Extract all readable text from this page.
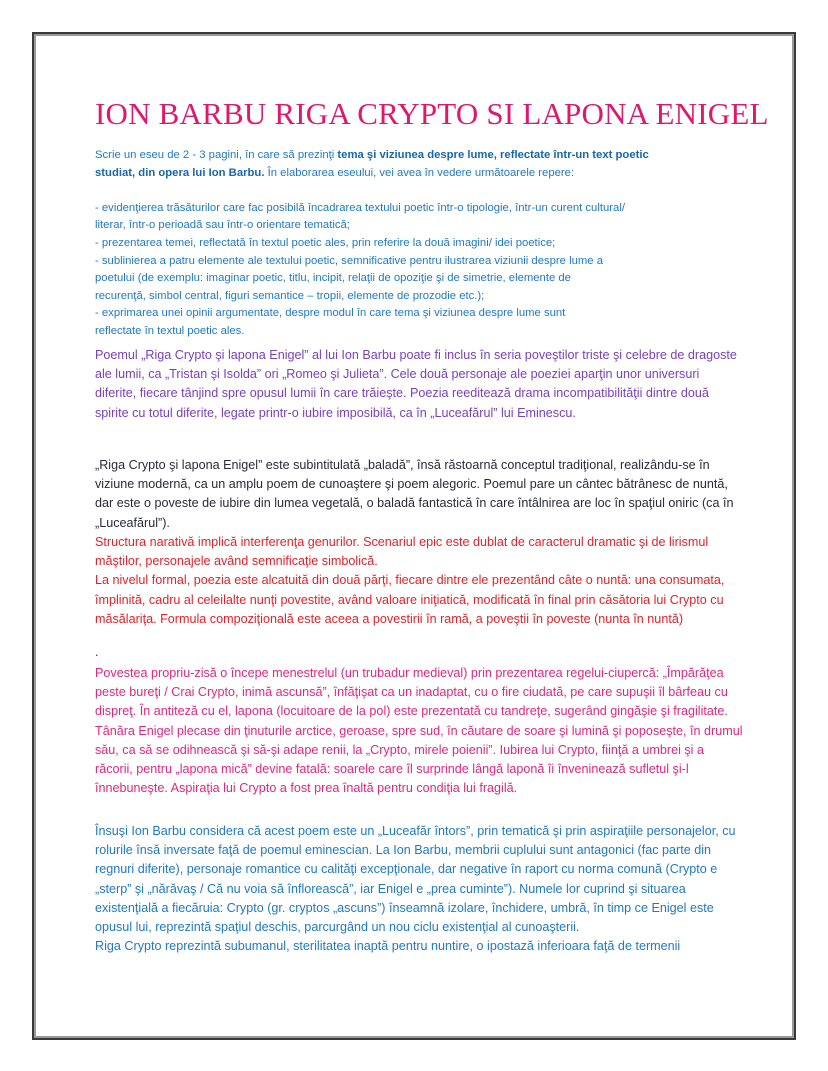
ION BARBU RIGA CRYPTO SI LAPONA ENIGEL
Scrie un eseu de 2 - 3 pagini, în care să prezinţi tema şi viziunea despre lume, reflectate într-un text poetic
studiat, din opera lui Ion Barbu. În elaborarea eseului, vei avea în vedere următoarele repere:
- evidenţierea trăsăturilor care fac posibilă încadrarea textului poetic într-o tipologie, într-un curent cultural/
literar, într-o perioadă sau într-o orientare tematică;
- prezentarea temei, reflectată în textul poetic ales, prin referire la două imagini/ idei poetice;
- sublinierea a patru elemente ale textului poetic, semnificative pentru ilustrarea viziunii despre lume a
poetului (de exemplu: imaginar poetic, titlu, incipit, relaţii de opoziţie şi de simetrie, elemente de
recurenţă, simbol central, figuri semantice – tropii, elemente de prozodie etc.);
- exprimarea unei opinii argumentate, despre modul în care tema şi viziunea despre lume sunt
reflectate în textul poetic ales.
Poemul „Riga Crypto şi lapona Enigel” al lui Ion Barbu poate fi inclus în seria poveştilor triste şi celebre de dragoste
ale lumii, ca „Tristan şi Isolda” ori „Romeo şi Julieta”. Cele două personaje ale poeziei aparţin unor universuri
diferite, fiecare tânjind spre opusul lumii în care trăieşte. Poezia reeditează drama incompatibilităţii dintre două
spirite cu totul diferite, legate printr-o iubire imposibilă, ca în „Luceafărul” lui Eminescu.
„Riga Crypto şi lapona Enigel” este subintitulată „baladă”, însă răstoarnă conceptul tradiţional, realizându-se în
viziune modernă, ca un amplu poem de cunoaştere şi poem alegoric. Poemul pare un cântec bătrânesc de nuntă,
dar este o poveste de iubire din lumea vegetală, o baladă fantastică în care întâlnirea are loc în spaţiul oniric (ca în
„Luceafărul”).
Structura narativă implică interferenţa genurilor. Scenariul epic este dublat de caracterul dramatic şi de lirismul
măştilor, personajele având semnificaţie simbolică.
La nivelul formal, poezia este alcatuită din două părţi, fiecare dintre ele prezentând câte o nuntă: una consumata,
împlinită, cadru al celeilalte nunţi povestite, având valoare iniţiatică, modificată în final prin căsătoria lui Crypto cu
măsălariţa. Formula compoziţională este aceea a povestirii în ramă, a poveştii în poveste (nunta în nuntă)
.
Povestea propriu-zisă o începe menestrelul (un trubadur medieval) prin prezentarea regelui-ciupercă: „Împărăţea
peste bureţi / Crai Crypto, inimă ascunsă”, înfăţişat ca un inadaptat, cu o fire ciudată, pe care supuşii îl bârfeau cu
dispreţ. În antiteză cu el, lapona (locuitoare de la pol) este prezentată cu tandreţe, sugerând gingăşie şi fragilitate.
Tânăra Enigel plecase din ţinuturile arctice, geroase, spre sud, în căutare de soare şi lumină şi poposeşte, în drumul
său, ca să se odihnească şi să-şi adape renii, la „Crypto, mirele poienii”. Iubirea lui Crypto, fiinţă a umbrei şi a
răcorii, pentru „lapona mică” devine fatală: soarele care îl surprinde lângă laponă îi înveninează sufletul şi-l
înnebuneşte. Aspiraţia lui Crypto a fost prea înaltă pentru condiţia lui fragilă.
Însuşi Ion Barbu considera că acest poem este un „Luceafăr întors”, prin tematică şi prin aspiraţiile personajelor, cu
rolurile însă inversate faţă de poemul eminescian. La Ion Barbu, membrii cuplului sunt antagonici (fac parte din
regnuri diferite), personaje romantice cu calităţi excepţionale, dar negative în raport cu norma comună (Crypto e
„sterp” şi „nărăvaş / Că nu voia să înflorească”, iar Enigel e „prea cuminte”). Numele lor cuprind şi situarea
existenţială a fiecăruia: Crypto (gr. cryptos „ascuns”) înseamnă izolare, închidere, umbră, în timp ce Enigel este
opusul lui, reprezintă spaţiul deschis, parcurgând un nou ciclu existenţial al cunoaşterii.
Riga Crypto reprezintă subumanul, sterilitatea inaptă pentru nuntire, o ipostază inferioara faţă de termenii
